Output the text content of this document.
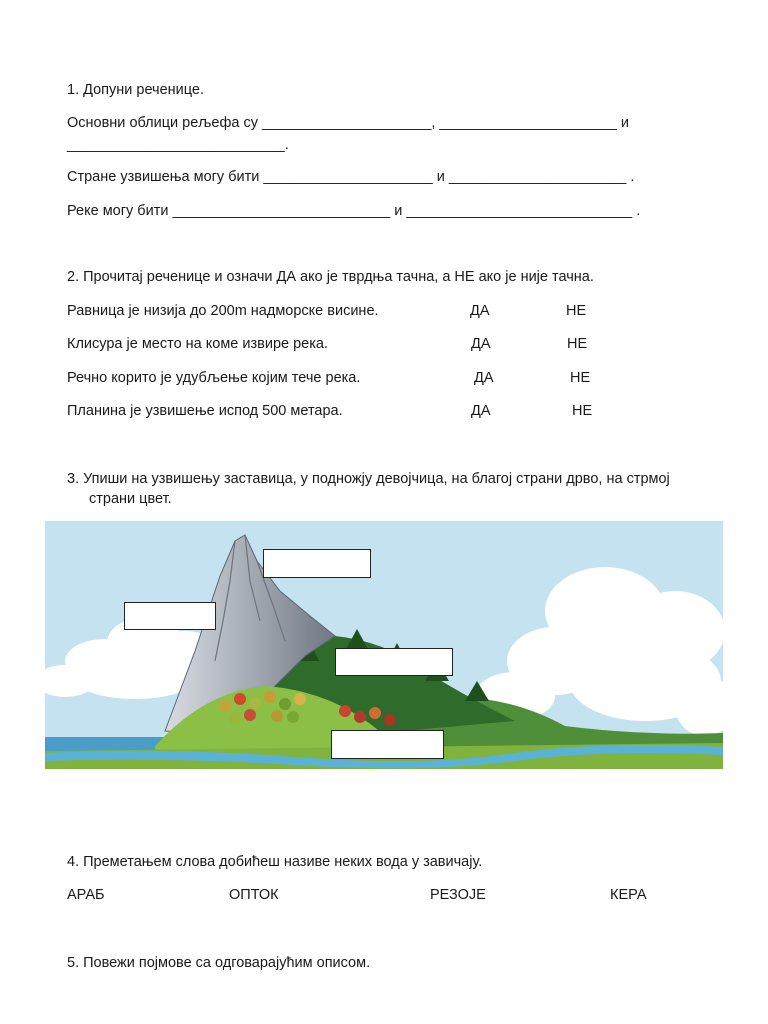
1. Допуни реченице.
Основни облици рељефа су _____________________, ______________________ и
___________________________.
Стране узвишења могу бити _____________________ и ______________________ .
Реке могу бити ___________________________ и ____________________________ .
2. Прочитај реченице и означи ДА ако је тврдња тачна, а НЕ ако је није тачна.
Равница је низија до 200m надморске висине.	ДА	НЕ
Клисура је место на коме извире река.	ДА	НЕ
Речно корито је удубљење којим тече река.	ДА	НЕ
Планина је узвишење испод 500 метара.	ДА	НЕ
3. Упиши на узвишењу заставица, у подножју девојчица, на благој страни дрво, на стрмој
страни цвет.
4. Преметањем слова добићеш називе неких вода у завичају.
АРАБ	ОПТОК	РЕЗОЈЕ	КЕРА
5. Повежи појмове са одговарајућим описом.
